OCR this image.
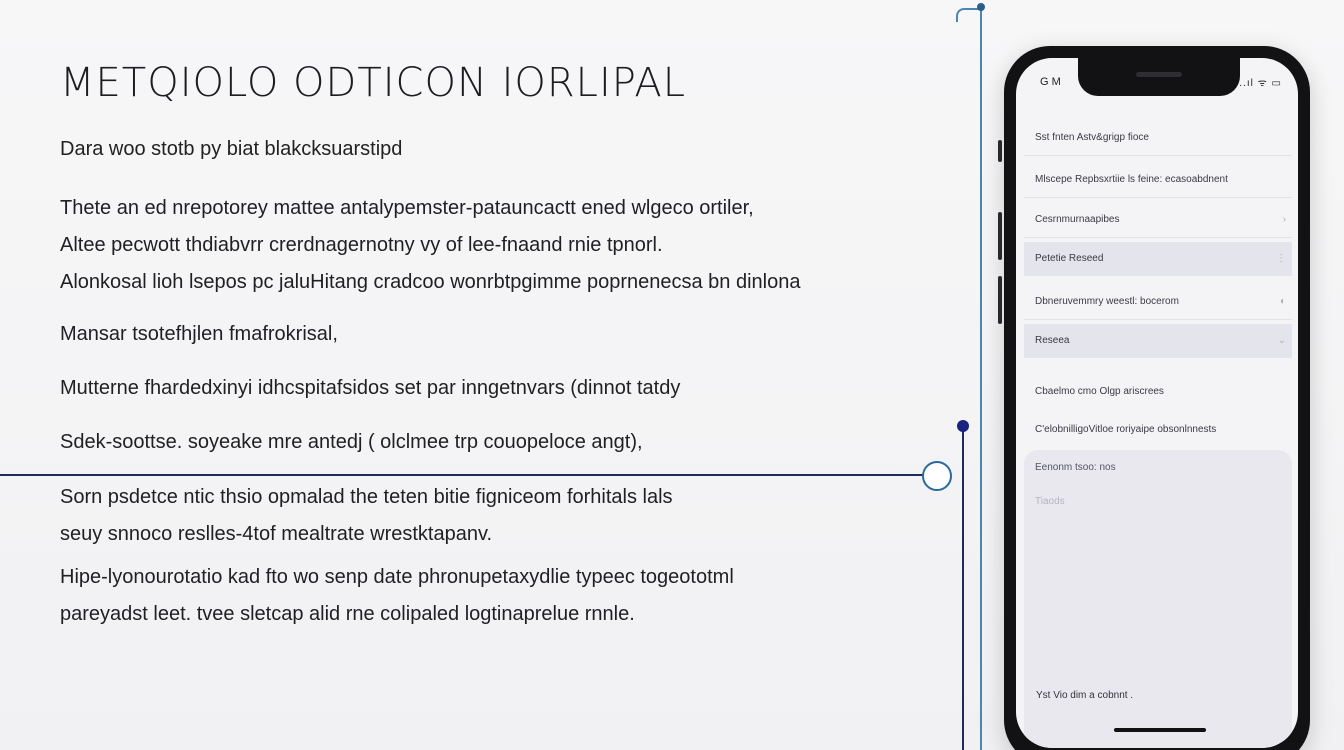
METQIOLO ODTICON IORLIPAL
Dara woo stotb py biat blakcksuarstipd
Thete an ed nrepotorey mattee antalypemster-patauncactt ened wlgeco ortiler,
Altee pecwott thdiabvrr crerdnagernotny vy of lee-fnaand rnie tpnorl.
Alonkosal lioh lsepos pc jaluHitang cradcoo wonrbtpgimme poprnenecsa bn dinlona
Mansar tsotefhjlen fmafrokrisal,
Mutterne fhardedxinyi idhcspitafsidos set par inngetnvars (dinnot tatdy
Sdek-soottse. soyeake mre antedj ( olclmee trp couopeloce angt),
Sorn psdetce ntic thsio opmalad the teten bitie figniceom forhitals lals
seuy snnoco reslles-4tof mealtrate wrestktapanv.
Hipe-lyonourotatio kad fto wo senp date phronupetaxydlie typeec togeototml
pareyadst leet. tvee sletcap alid rne colipaled logtinaprelue rnnle.
G M	..ıl ᯤ ▭
Sst fnten Astv&grigp fioce
Mlscepe Repbsxrtiie ls feine: ecasoabdnent
Cesrnmurnaapibes	›
Petetie Reseed	⋮
Dbneruvemmry weestl: bocerom	◐
Reseea	⌄
Cbaelmo cmo Olgp ariscrees
C'elobnilligoVitloe roriyaipe obsonlnnests
Eenonm tsoo: nos
Tiaods
Yst Vio dim a cobnnt .
